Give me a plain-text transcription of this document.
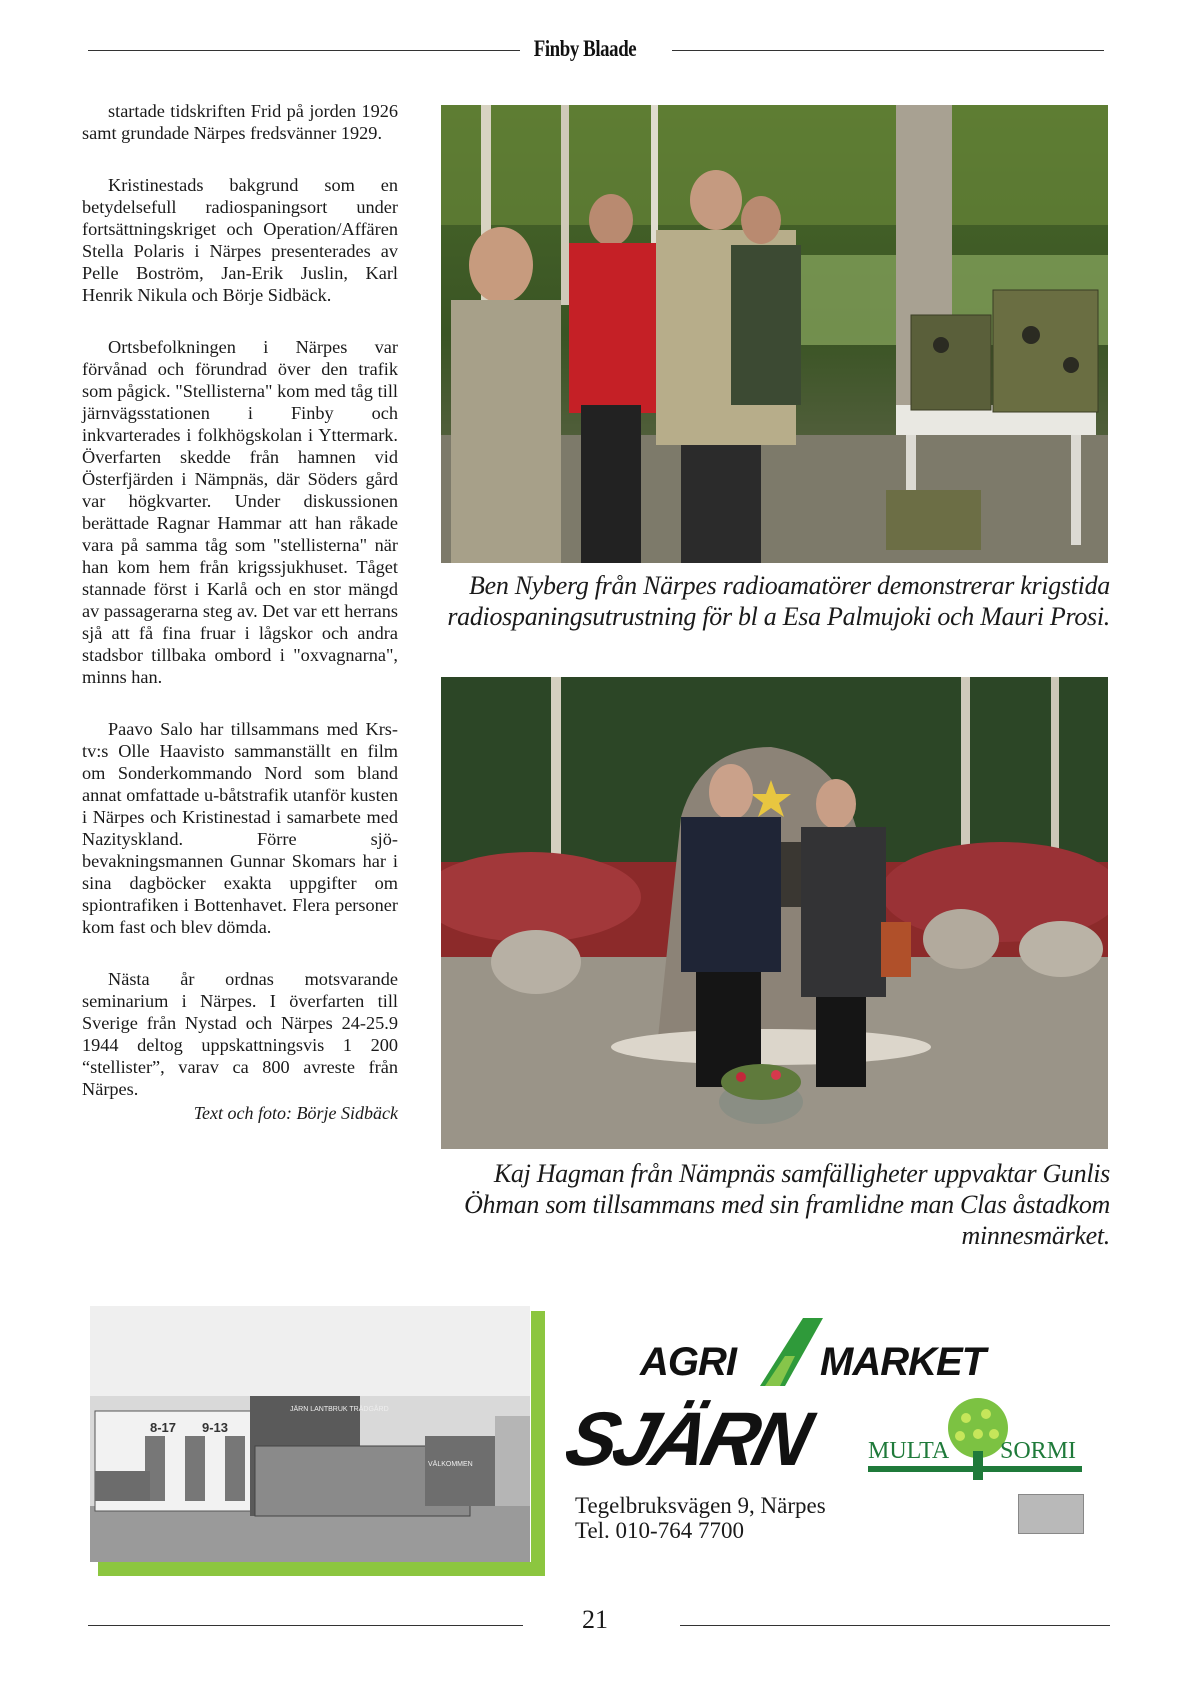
Finby Blaade

startade tidskriften Frid på jorden 1926 samt grundade Närpes fredsvänner 1929.

Kristinestads bakgrund som en betydelsefull radiospaningsort under fortsättningskriget och Operation/Affären Stella Polaris i Närpes presenterades av Pelle Boström, Jan-Erik Juslin, Karl Henrik Nikula och Börje Sidbäck.

Ortsbefolkningen i Närpes var förvånad och förundrad över den trafik som pågick. "Stellisterna" kom med tåg till järnvägsstationen i Finby och inkvarterades i folkhögskolan i Yttermark. Överfarten skedde från hamnen vid Österfjärden i Nämpnäs, där Söders gård var högkvarter. Under diskussionen berättade Ragnar Hammar att han råkade vara på samma tåg som "stellisterna" när han kom hem från krigssjukhuset. Tåget stannade först i Karlå och en stor mängd av passagerarna steg av. Det var ett herrans sjå att få fina fruar i lågskor och andra stadsbor tillbaka ombord i "oxvagnarna", minns han.

Paavo Salo har tillsammans med Krs-tv:s Olle Haavisto sammanställt en film om Sonderkommando Nord som bland annat omfattade u-båtstrafik utanför kusten i Närpes och Kristinestad i samarbete med Nazityskland. Förre sjö-bevakningsmannen Gunnar Skomars har i sina dagböcker exakta uppgifter om spiontrafiken i Bottenhavet. Flera personer kom fast och blev dömda.

Nästa år ordnas motsvarande seminarium i Närpes. I överfarten till Sverige från Nystad och Närpes 24-25.9 1944 deltog uppskattningsvis 1 200 “stellister”, varav ca 800 avreste från Närpes.

Text och foto: Börje Sidbäck
Ben Nyberg från Närpes radioamatörer demonstrerar krigstida radiospaningsutrustning för bl a Esa Palmujoki och Mauri Prosi.
Kaj Hagman från Nämpnäs samfälligheter uppvaktar Gunlis Öhman som tillsammans med sin framlidne man Clas åstadkom minnesmärket.
8-17 9-13
JÄRN LANTBRUK TRÄDGÅRD
VÄLKOMMEN
AGRI MARKET
SJÄRN MULTA SORMI
Tegelbruksvägen 9, Närpes
Tel. 010-764 7700
21
